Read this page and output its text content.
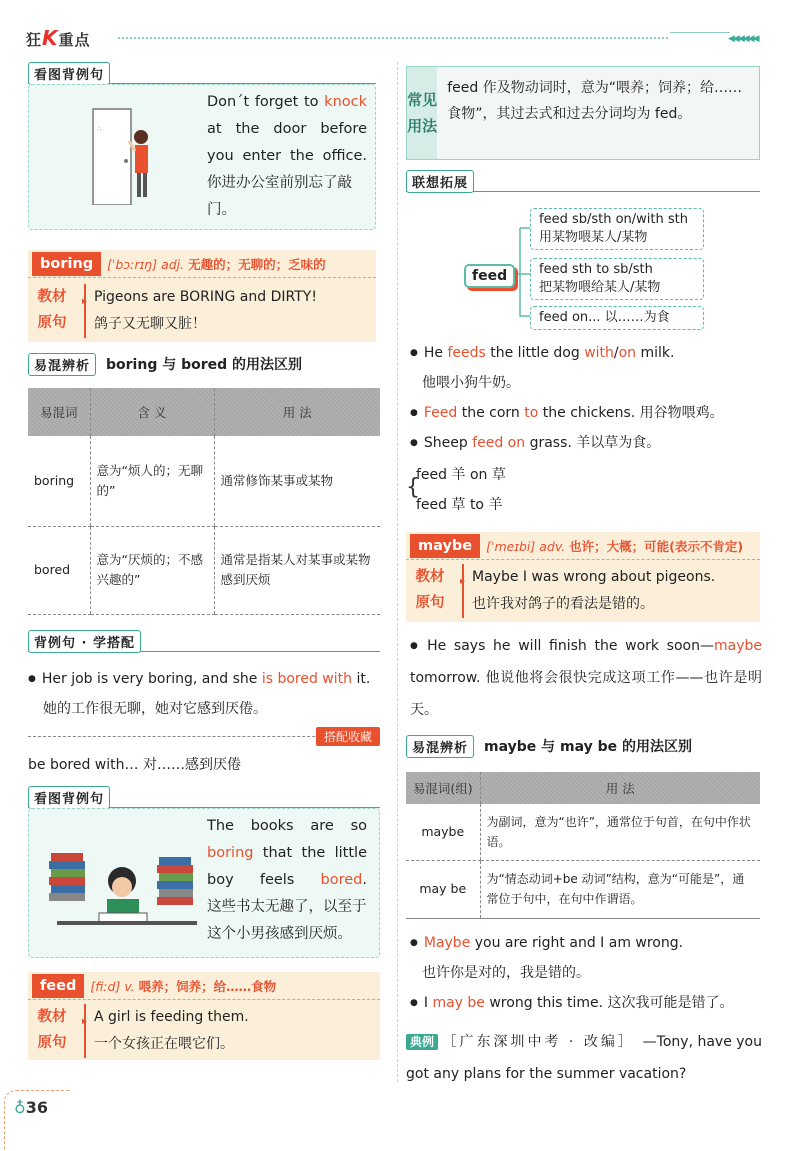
狂K重点	◀◀◀◀◀◀
看图背例句
∴
Don´t forget to knock at the door before you enter the office.
你进办公室前别忘了敲门。
boring	[ˈbɔːrɪŋ] adj. 无趣的；无聊的；乏味的
教材
原句
▸
Pigeons are BORING and DIRTY!
鸽子又无聊又脏！
易混辨析	boring 与 bored 的用法区别
易混词	含 义	用 法
boring	意为“烦人的；无聊的”	通常修饰某事或某物
bored	意为“厌烦的；不感兴趣的”	通常是指某人对某事或某物感到厌烦
背例句 · 学搭配
● Her job is very boring, and she is bored with it.
她的工作很无聊，她对它感到厌倦。
搭配收藏
be bored with… 对……感到厌倦
看图背例句
The books are so boring that the little boy feels bored.
这些书太无趣了，以至于这个小男孩感到厌烦。
feed	[fiːd] v. 喂养；饲养；给……食物
教材
原句
▸
A girl is feeding them.
一个女孩正在喂它们。
♁36
常见
用法
feed 作及物动词时，意为“喂养；饲养；给……食物”，其过去式和过去分词均为 fed。
联想拓展
feed
feed sb/sth on/with sth
用某物喂某人/某物
feed sth to sb/sth
把某物喂给某人/某物
feed on... 以……为食
● He feeds the little dog with/on milk.
他喂小狗牛奶。
● Feed the corn to the chickens. 用谷物喂鸡。
● Sheep feed on grass. 羊以草为食。
{
feed 羊 on 草
feed 草 to 羊
maybe	[ˈmeɪbi] adv. 也许；大概；可能(表示不肯定)
教材
原句
▸
Maybe I was wrong about pigeons.
也许我对鸽子的看法是错的。
● He says he will finish the work soon—maybe tomorrow. 他说他将会很快完成这项工作——也许是明天。
易混辨析	maybe 与 may be 的用法区别
易混词(组)	用 法
maybe	为副词，意为“也许”，通常位于句首，在句中作状语。
may be	为“情态动词+be 动词”结构，意为“可能是”，通常位于句中，在句中作谓语。
● Maybe you are right and I am wrong.
也许你是对的，我是错的。
● I may be wrong this time. 这次我可能是错了。
典例 ［广东深圳中考 · 改编］ —Tony, have you
got any plans for the summer vacation?
